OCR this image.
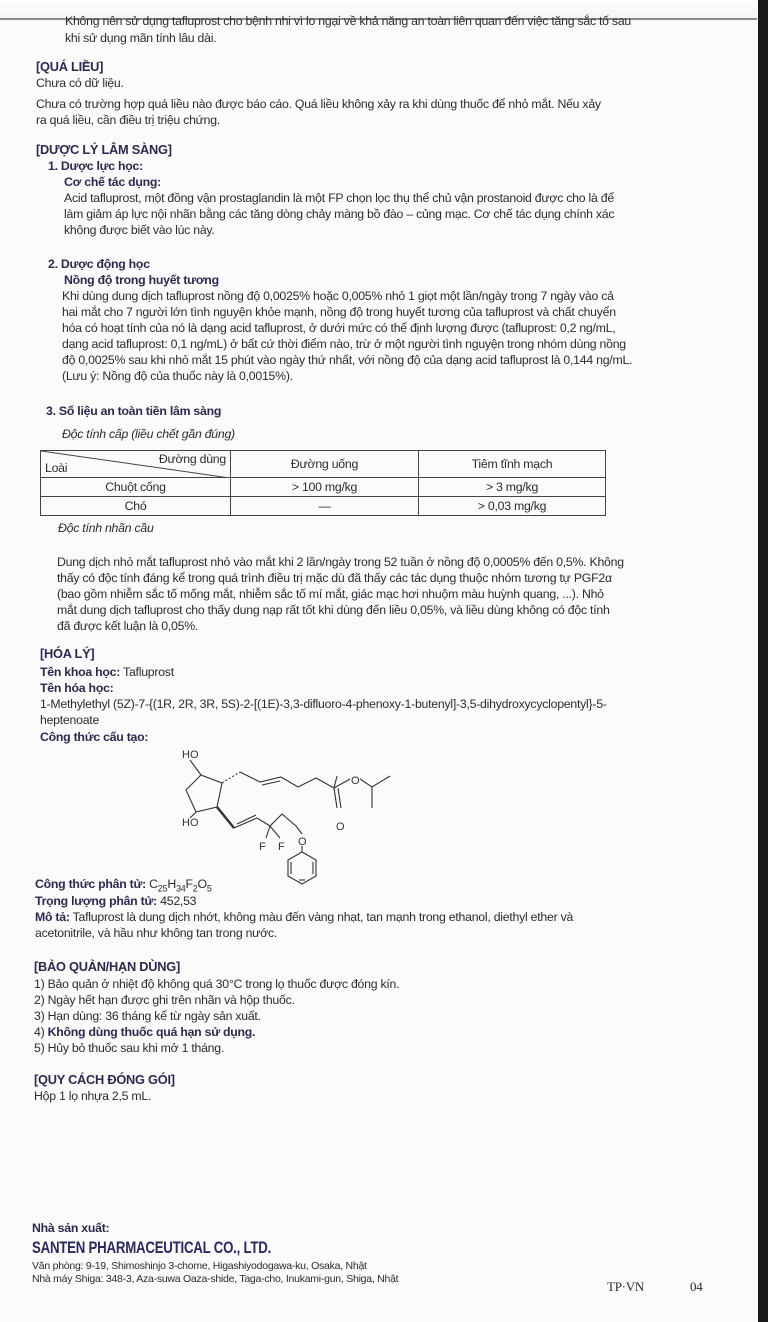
Không nên sử dụng tafluprost cho bệnh nhi vì lo ngại về khả năng an toàn liên quan đến việc tăng sắc tố sau
khi sử dụng mãn tính lâu dài.
[QUÁ LIỀU]
Chưa có dữ liệu.
Chưa có trường hợp quá liều nào được báo cáo. Quá liều không xảy ra khi dùng thuốc để nhỏ mắt. Nếu xảy
ra quá liều, cần điều trị triệu chứng.
[DƯỢC LÝ LÂM SÀNG]
1. Dược lực học:
Cơ chế tác dụng:
Acid tafluprost, một đồng vận prostaglandin là một FP chọn lọc thụ thể chủ vận prostanoid được cho là để
làm giảm áp lực nội nhãn bằng các tăng dòng chảy màng bồ đào – củng mạc. Cơ chế tác dụng chính xác
không được biết vào lúc này.
2. Dược động học
Nồng độ trong huyết tương
Khi dùng dung dịch tafluprost nồng độ 0,0025% hoặc 0,005% nhỏ 1 giọt một lần/ngày trong 7 ngày vào cả
hai mắt cho 7 người lớn tình nguyện khỏe mạnh, nồng độ trong huyết tương của tafluprost và chất chuyển
hóa có hoạt tính của nó là dạng acid tafluprost, ở dưới mức có thể định lượng được (tafluprost: 0,2 ng/mL,
dạng acid tafluprost: 0,1 ng/mL) ở bất cứ thời điểm nào, trừ ở một người tình nguyện trong nhóm dùng nồng
độ 0,0025% sau khi nhỏ mắt 15 phút vào ngày thứ nhất, với nồng độ của dạng acid tafluprost là 0,144 ng/mL.
(Lưu ý: Nồng độ của thuốc này là 0,0015%).
3. Số liệu an toàn tiền lâm sàng
Độc tính cấp (liều chết gần đúng)
Đường dùng
Loài	Đường uống	Tiêm tĩnh mạch
Chuột cống	> 100 mg/kg	> 3 mg/kg
Chó	—	> 0,03 mg/kg
Độc tính nhãn cầu
Dung dịch nhỏ mắt tafluprost nhỏ vào mắt khi 2 lần/ngày trong 52 tuần ở nồng độ 0,0005% đến 0,5%. Không
thấy có độc tính đáng kể trong quá trình điều trị mặc dù đã thấy các tác dụng thuộc nhóm tương tự PGF2α
(bao gồm nhiễm sắc tố mống mắt, nhiễm sắc tố mí mắt, giác mạc hơi nhuộm màu huỳnh quang, ...). Nhỏ
mắt dung dịch tafluprost cho thấy dung nạp rất tốt khi dùng đến liều 0,05%, và liều dùng không có độc tính
đã được kết luận là 0,05%.
[HÓA LÝ]
Tên khoa học: Tafluprost
Tên hóa học:
1-Methylethyl (5Z)-7-{(1R, 2R, 3R, 5S)-2-[(1E)-3,3-difluoro-4-phenoxy-1-butenyl]-3,5-dihydroxycyclopentyl}-5-
heptenoate
Công thức cấu tạo:
HO
HO	O
O
O
F F
Công thức phân tử: $C_{25}H_{34}F_2O_5$
Trọng lượng phân tử: 452,53
Mô tả: Tafluprost là dung dịch nhớt, không màu đến vàng nhạt, tan mạnh trong ethanol, diethyl ether và
acetonitrile, và hầu như không tan trong nước.
[BẢO QUẢN/HẠN DÙNG]
1) Bảo quản ở nhiệt độ không quá 30°C trong lọ thuốc được đóng kín.
2) Ngày hết hạn được ghi trên nhãn và hộp thuốc.
3) Hạn dùng: 36 tháng kể từ ngày sản xuất.
4) Không dùng thuốc quá hạn sử dụng.
5) Hủy bỏ thuốc sau khi mở 1 tháng.
[QUY CÁCH ĐÓNG GÓI]
Hộp 1 lọ nhựa 2,5 mL.
Nhà sản xuất:
SANTEN PHARMACEUTICAL CO., LTD.
Văn phòng: 9-19, Shimoshinjo 3-chome, Higashiyodogawa-ku, Osaka, Nhật
Nhà máy Shiga: 348-3, Aza-suwa Oaza-shide, Taga-cho, Inukami-gun, Shiga, Nhật	TP·VN	04
